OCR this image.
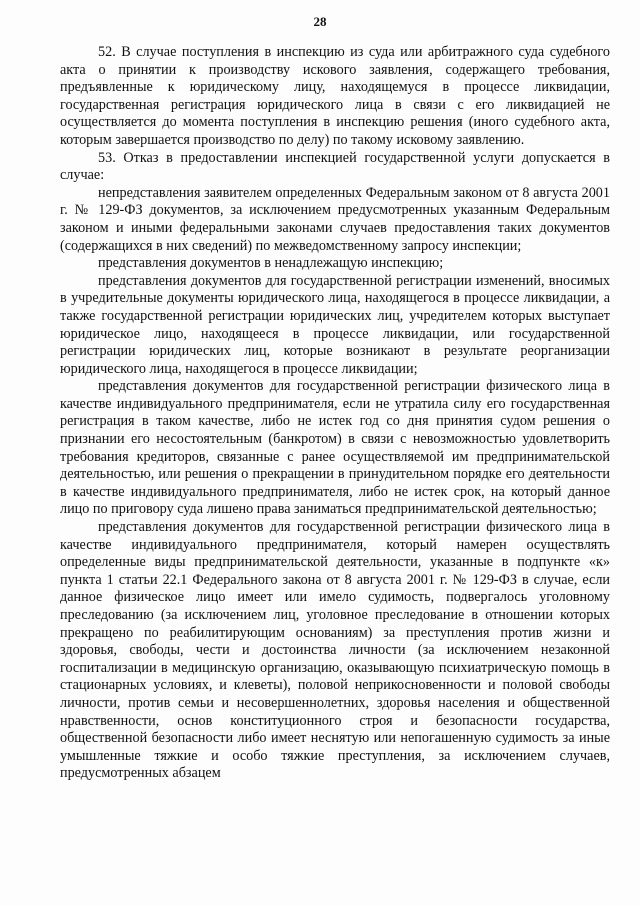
28

52. В случае поступления в инспекцию из суда или арбитражного суда судебного акта о принятии к производству искового заявления, содержащего требования, предъявленные к юридическому лицу, находящемуся в процессе ликвидации, государственная регистрация юридического лица в связи с его ликвидацией не осуществляется до момента поступления в инспекцию решения (иного судебного акта, которым завершается производство по делу) по такому исковому заявлению.

53. Отказ в предоставлении инспекцией государственной услуги допускается в случае:

непредставления заявителем определенных Федеральным законом от 8 августа 2001 г. № 129-ФЗ документов, за исключением предусмотренных указанным Федеральным законом и иными федеральными законами случаев предоставления таких документов (содержащихся в них сведений) по межведомственному запросу инспекции;

представления документов в ненадлежащую инспекцию;

представления документов для государственной регистрации изменений, вносимых в учредительные документы юридического лица, находящегося в процессе ликвидации, а также государственной регистрации юридических лиц, учредителем которых выступает юридическое лицо, находящееся в процессе ликвидации, или государственной регистрации юридических лиц, которые возникают в результате реорганизации юридического лица, находящегося в процессе ликвидации;

представления документов для государственной регистрации физического лица в качестве индивидуального предпринимателя, если не утратила силу его государственная регистрация в таком качестве, либо не истек год со дня принятия судом решения о признании его несостоятельным (банкротом) в связи с невозможностью удовлетворить требования кредиторов, связанные с ранее осуществляемой им предпринимательской деятельностью, или решения о прекращении в принудительном порядке его деятельности в качестве индивидуального предпринимателя, либо не истек срок, на который данное лицо по приговору суда лишено права заниматься предпринимательской деятельностью;

представления документов для государственной регистрации физического лица в качестве индивидуального предпринимателя, который намерен осуществлять определенные виды предпринимательской деятельности, указанные в подпункте «к» пункта 1 статьи 22.1 Федерального закона от 8 августа 2001 г. № 129-ФЗ в случае, если данное физическое лицо имеет или имело судимость, подвергалось уголовному преследованию (за исключением лиц, уголовное преследование в отношении которых прекращено по реабилитирующим основаниям) за преступления против жизни и здоровья, свободы, чести и достоинства личности (за исключением незаконной госпитализации в медицинскую организацию, оказывающую психиатрическую помощь в стационарных условиях, и клеветы), половой неприкосновенности и половой свободы личности, против семьи и несовершеннолетних, здоровья населения и общественной нравственности, основ конституционного строя и безопасности государства, общественной безопасности либо имеет неснятую или непогашенную судимость за иные умышленные тяжкие и особо тяжкие преступления, за исключением случаев, предусмотренных абзацем
